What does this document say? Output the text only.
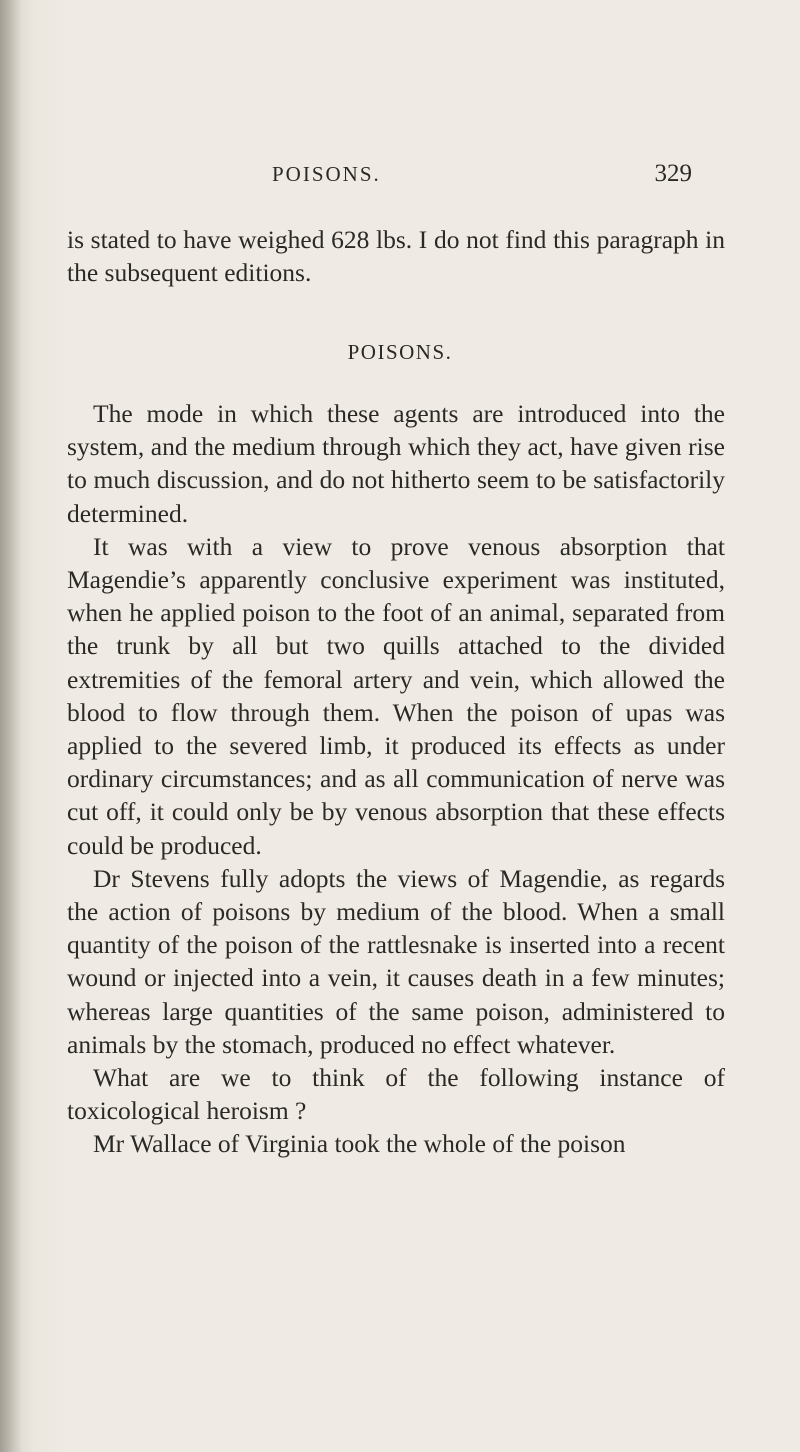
POISONS.	329
is stated to have weighed 628 lbs. I do not find this paragraph in the subsequent editions.
POISONS.

The mode in which these agents are introduced into the system, and the medium through which they act, have given rise to much discussion, and do not hitherto seem to be satisfactorily determined.

It was with a view to prove venous absorption that Magendie’s apparently conclusive experiment was instituted, when he applied poison to the foot of an animal, separated from the trunk by all but two quills attached to the divided extremities of the femoral artery and vein, which allowed the blood to flow through them. When the poison of upas was applied to the severed limb, it produced its effects as under ordinary circumstances; and as all communication of nerve was cut off, it could only be by venous absorption that these effects could be produced.

Dr Stevens fully adopts the views of Magendie, as regards the action of poisons by medium of the blood. When a small quantity of the poison of the rattlesnake is inserted into a recent wound or injected into a vein, it causes death in a few minutes; whereas large quantities of the same poison, administered to animals by the stomach, produced no effect whatever.

What are we to think of the following instance of toxicological heroism ?

Mr Wallace of Virginia took the whole of the poison
